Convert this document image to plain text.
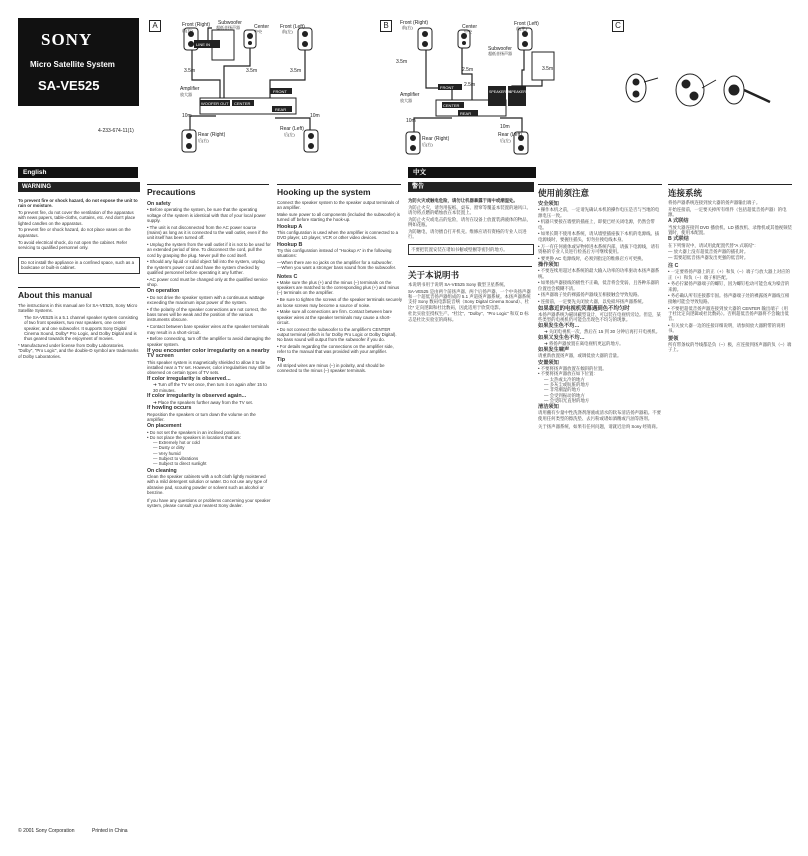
SONY
Micro Satellite System
SA-VE525
4-233-674-11(1)
A	Front (Right)
前(右)
Subwoofer
超低音扬声器	Center
中央
Front (Left)
前(左)
LINE IN
3.5m	3.5m	3.5m
Amplifier
放大器
WOOFER OUT CENTER
FRONT
REAR
10m	10m
Rear (Right)
后(右)
Rear (Left)
后(左)
B	Front (Right)
前(右)	Center
中央
Front (Left)
前(左)
Subwoofer
超低音扬声器
3.5m
2.5m	3.5m
2.5m
Amplifier
放大器
FRONT
CENTER
REAR
SPEAKER IN
SPEAKER OUT
10m
10m
Rear (Right)
后(右)
Rear (Left)
后(左)
C
English
WARNING

To prevent fire or shock hazard, do not expose the unit to rain or moisture.

To prevent fire, do not cover the ventilation of the apparatus with news papers, table-cloths, curtains, etc. And don't place lighted candles on the apparatus.

To prevent fire or shock hazard, do not place vases on the apparatus.

To avoid electrical shock, do not open the cabinet. Refer servicing to qualified personnel only.

Do not install the appliance in a confined space, such as a bookcase or built-in cabinet.
About this manual

The instructions in this manual are for SA-VE525, Sony Micro Satellite Systems.

The SA-VE525 is a 5.1 channel speaker system consisting of two front speakers, two rear speakers, one center speaker, and one subwoofer. It supports Sony Digital Cinema Sound, Dolby* Pro Logic, and Dolby Digital and is thus geared towards the enjoyment of movies.

* Manufactured under license from Dolby Laboratories. "Dolby", "Pro Logic", and the double-D symbol are trademarks of Dolby Laboratories.

Precautions
On safety

• Before operating the system, be sure that the operating voltage of the system is identical with that of your local power supply.

• The unit is not disconnected from the AC power source (mains) as long as it is connected to the wall outlet, even if the unit itself has been turned off.

• Unplug the system from the wall outlet if it is not to be used for an extended period of time. To disconnect the cord, pull the cord by grasping the plug. Never pull the cord itself.

• Should any liquid or solid object fall into the system, unplug the system's power cord and have the system checked by qualified personnel before operating it any further.

• AC power cord must be changed only at the qualified service shop.

On operation

• Do not drive the speaker system with a continuous wattage exceeding the maximum input power of the system.

• If the polarity of the speaker connections are not correct, the bass tones will be weak and the position of the various instruments obscure.

• Contact between bare speaker wires at the speaker terminals may result in a short-circuit.

• Before connecting, turn off the amplifier to avoid damaging the speaker system.

If you encounter color irregularity on a nearby TV screen

This speaker system is magnetically shielded to allow it to be installed near a TV set. However, color irregularities may still be observed on certain types of TV sets.

If color irregularity is observed...

➜ Turn off the TV set once, then turn it on again after 15 to 30 minutes.

If color irregularity is observed again...

➜ Place the speakers further away from the TV set.

If howling occurs

Reposition the speakers or turn down the volume on the amplifier.

On placement

• Do not set the speakers in an inclined position.

• Do not place the speakers in locations that are:

— Extremely hot or cold

— Dusty or dirty

— Very humid

— Subject to vibrations

— Subject to direct sunlight

On cleaning

Clean the speaker cabinets with a soft cloth lightly moistened with a mild detergent solution or water. Do not use any type of abrasive pad, scouring powder or solvent such as alcohol or benzine.

If you have any questions or problems concerning your speaker system, please consult your nearest Sony dealer.

Hooking up the system

Connect the speaker system to the speaker output terminals of an amplifier.

Make sure power to all components (included the subwoofer) is turned off before starting the hook-up.

Hookup A

This configuration is used when the amplifier is connected to a DVD player, LD player, VCR or other video devices.

Hookup B

Try this configuration instead of "Hookup A" in the following situations:

—When there are no jacks on the amplifier for a subwoofer.

—When you want a stronger bass sound from the subwoofer.

Notes C

• Make sure the plus (+) and the minus (–) terminals on the speakers are matched to the corresponding plus (+) and minus (–) terminals on the amplifier.

• Be sure to tighten the screws of the speaker terminals securely as loose screws may become a source of noise.

• Make sure all connections are firm. Contact between bare speaker wires at the speaker terminals may cause a short-circuit.

• Do not connect the subwoofer to the amplifier's CENTER output terminal (which is for Dolby Pro Logic or Dolby Digital). No bass sound will output from the subwoofer if you do.

• For details regarding the connections on the amplifier side, refer to the manual that was provided with your amplifier.

Tip

All striped wires are minus (–) in polarity, and should be connected to the minus (–) speaker terminals.

中文
警告

为防火灾或触电危险，请勿让机器暴露于雨中或潮湿处。

为防止火灾，请勿用报纸、桌布、窗帘等覆盖本装置的通风口。请勿将点燃的蜡烛放在本装置上。

为防止火灾或电击的危险，请勿在设备上放置装满液体的物品，例如花瓶。

为防触电，请勿擅自打开机壳。维修应请有资格的专业人员进行。

不要把装置安装在诸如书橱或壁橱等密封的地方。
关于本说明书

本说明书用于说明 SA-VE525 Sony 微型卫星系统。

SA-VE525 是由两个前扬声器、两个后扬声器、一个中央扬声器和一个超低音扬声器组成的 5.1 声道扬声器系统。本扬声器系统支持 Sony 数码电影院音响（Sony Digital Cinema Sound）、杜比* 定向逻辑和杜比数码，因此适用于欣赏电影。

杜比实验室授权生产。"杜比"、"Dolby"、"Pro Logic" 和双 D 标志是杜比实验室的商标。

使用前须注意
安全须知

• 操作本机之前，一定请先确认本机的操作电压是否与当地的电源电压一致。

• 机器只要接在墙壁的插座上，即使已经关闭电源，仍然会带电。

• 如果长期不使用本系统，请从墙壁插座拔下本机的电源线。拔电源线时，要握住插头，切勿拉拽电线本身。

• 万一有任何液体或异物掉进本系统内部，请拔下电源线，请有资格的专业人员进行检查后方可继续使用。

• 要更换 AC 电源线时，必须到指定的维修店方可更换。

操作须知

• 不要连续用超过本系统的最大输入功率的功率驱动本扬声器系统。

• 如果扬声器接线的极性不正确，低音将会变弱，且各种乐器的位置也会模糊不清。

• 扬声器端子处的裸露扬声器线互相接触会导致短路。

• 连接前，一定要先关闭放大器，以免损坏扬声器系统。

如果靠近的电视机荧幕遇到色不均匀时

本扬声器系统为磁屏蔽型设计，可以装在电视机旁边。但是，某些类型的电视机仍可能会出现色不均匀的现象。

如果发生色不均…

➜ 关闭电视机一次，然后在 15 到 30 分钟后再打开电视机。

如果又发生色不均…

➜ 将扬声器放置在离电视机更远的地方。

如果发生啸声

请重新放置扬声器，或调低放大器的音量。

安置须知

• 不要将扬声器放置在倾斜的位置。

• 不要将扬声器放在如下位置：

— 太热或太冷的地方

— 多灰尘或肮脏的地方

— 非常潮湿的地方

— 会受到振动的地方

— 会受阳光直射的地方

清洁须知

请用蘸有少量中性洗涤剂溶液或清水的软布清洁扬声器箱。不要使用任何类型的擦洗垫、去污粉或诸如酒精或汽油等溶剂。

关于扬声器系统，如果有任何问题，请就近洽询 Sony 经销商。

连接系统

将扬声器系统连接到放大器的扬声器输出端子。

开始连接前，一定要关掉所有组件（包括超低音扬声器）的电源。

A 式联结

当放大器连接到 DVD 播放机、LD 播放机、录像机或其他视频装置时，使用本配置。

B 式联结

在下列情况中，请试用此配置代替"A 式联结"：

— 放大器上没有超低音扬声器的插孔时。

— 需要超低音扬声器发出更强的低音时。

注 C

• 一定要将扬声器上的正（+）和负（–）端子与放大器上对应的正（+）和负（–）端子相匹配。

• 务必拧紧扬声器端子的螺钉，因为螺钉松动可能会成为噪音的来源。

• 务必确认所有连接都牢固。扬声器端子处的裸露扬声器线互相接触可能会导致短路。

• 不要把超低音扬声器连接到放大器的 CENTER 输出端子（用于杜比定向逻辑或杜比数码）。否则超低音扬声器将不会输出低音。

• 有关放大器一边的连接详细说明，请参阅放大器附带的说明书。

要领

所有带条纹的导线都是负（–）极，应连接到扬声器的负（–）端子上。

© 2001 Sony Corporation	Printed in China
